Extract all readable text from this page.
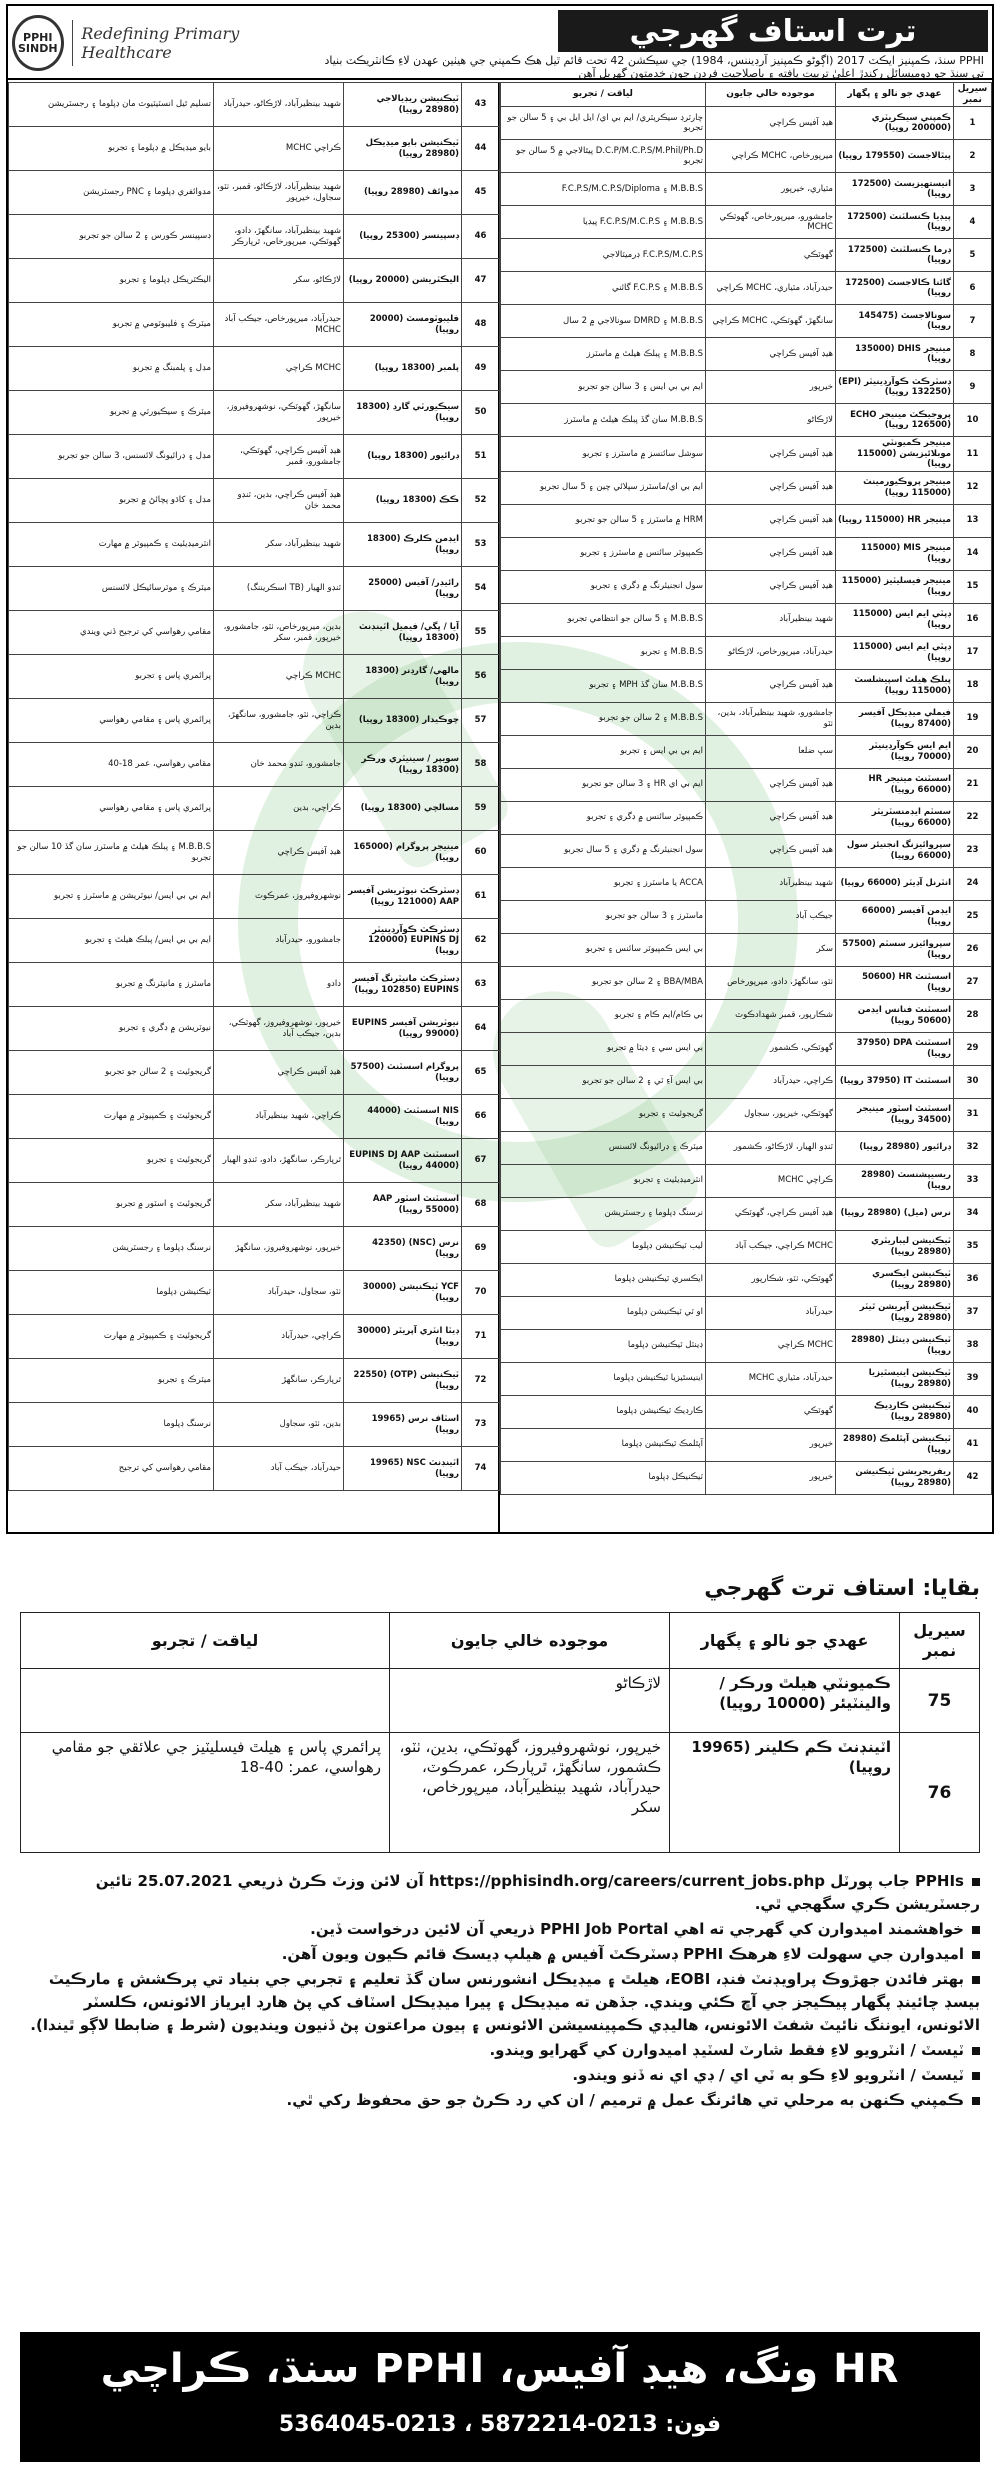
PPHI SINDH
Redefining Primary Healthcare
ترت استاف گھرجي
PPHI سنڌ، ڪمپنيز ايڪٽ 2017 (اڳوڻو ڪمپنيز آرڊيننس، 1984) جي سيڪشن 42 تحت قائم ٿيل هڪ ڪمپني جي هيٺين عهدن لاءِ ڪانٽريڪٽ بنياد تي سنڌ جو ڊوميسائل رکندڙ اعليٰ تربيت يافته ۽ باصلاحيت فردن جون خدمتون گهربل آهن
سيريل نمبر	عهدي جو نالو ۽ پگهار	موجوده خالي جايون	لياقت / تجربو
1	ڪمپني سيڪريٽري (200000 روپيا)	هيڊ آفيس ڪراچي	چارٽرڊ سيڪريٽري/ ايم بي اي/ ايل ايل بي ۽ 5 سالن جو تجربو
2	پيٿالاجسٽ (179550 روپيا)	ميرپورخاص، MCHC ڪراچي	D.C.P/M.C.P.S/M.Phil/Ph.D پيٿالاجي ۾ 5 سالن جو تجربو
3	انيستھيزيسٽ (172500 روپيا)	مٽياري، خيرپور	M.B.B.S ۽ F.C.P.S/M.C.P.S/Diploma
4	پيڊيا ڪنسلٽنٽ (172500 روپيا)	جامشورو، ميرپورخاص، گهوٽڪي MCHC	M.B.B.S ۽ F.C.P.S/M.C.P.S پيڊيا
5	ڊرما ڪنسلٽنٽ (172500 روپيا)	گهوٽڪي	F.C.P.S/M.C.P.S ڊرميٽالاجي
6	گائنا ڪالاجسٽ (172500 روپيا)	حيدرآباد، مٽياري، MCHC ڪراچي	M.B.B.S ۽ F.C.P.S گائني
7	سونالاجسٽ (145475 روپيا)	سانگهڙ، گهوٽڪي، MCHC ڪراچي	M.B.B.S ۽ DMRD سونالاجي ۾ 2 سال
8	مينيجر DHIS (135000 روپيا)	هيڊ آفيس ڪراچي	M.B.B.S ۽ پبلڪ هيلٿ ۾ ماسٽرز
9	ڊسٽرڪٽ ڪوآرڊينيٽر (EPI) (132250 روپيا)	خيرپور	ايم بي بي ايس ۽ 3 سالن جو تجربو
10	پروجيڪٽ مينيجر ECHO (126500 روپيا)	لاڙڪاڻو	M.B.B.S سان گڏ پبلڪ هيلٿ ۾ ماسٽرز
11	مينيجر ڪميونٽي موبلائيزيشن (115000 روپيا)	هيڊ آفيس ڪراچي	سوشل سائنسز ۾ ماسٽرز ۽ تجربو
12	مينيجر پروڪيورمينٽ (115000 روپيا)	هيڊ آفيس ڪراچي	ايم بي اي/ماسٽرز سپلائي چين ۽ 5 سال تجربو
13	مينيجر HR (115000 روپيا)	هيڊ آفيس ڪراچي	HRM ۾ ماسٽرز ۽ 5 سالن جو تجربو
14	مينيجر MIS (115000 روپيا)	هيڊ آفيس ڪراچي	ڪمپيوٽر سائنس ۾ ماسٽرز ۽ تجربو
15	مينيجر فيسليٽيز (115000 روپيا)	هيڊ آفيس ڪراچي	سول انجنيئرنگ ۾ ڊگري ۽ تجربو
16	ڊپٽي ايم ايس (115000 روپيا)	شهيد بينظيرآباد	M.B.B.S ۽ 5 سالن جو انتظامي تجربو
17	ڊپٽي ايم ايس (115000 روپيا)	حيدرآباد، ميرپورخاص، لاڙڪاڻو	M.B.B.S ۽ تجربو
18	پبلڪ هيلٿ اسپيشلسٽ (115000 روپيا)	هيڊ آفيس ڪراچي	M.B.B.S سان گڏ MPH ۽ تجربو
19	فيملي ميڊيڪل آفيسر (87400 روپيا)	جامشورو، شهيد بينظيرآباد، بدين، ٺٽو	M.B.B.S ۽ 2 سالن جو تجربو
20	ايم ايس ڪوآرڊينيٽر (70000 روپيا)	سڀ ضلعا	ايم بي بي ايس ۽ تجربو
21	اسسٽنٽ مينيجر HR (66000 روپيا)	هيڊ آفيس ڪراچي	ايم بي اي HR ۽ 3 سالن جو تجربو
22	سسٽم ايڊمنسٽريٽر (66000 روپيا)	هيڊ آفيس ڪراچي	ڪمپيوٽر سائنس ۾ ڊگري ۽ تجربو
23	سپروائيزنگ انجنيئر سول (66000 روپيا)	هيڊ آفيس ڪراچي	سول انجنيئرنگ ۾ ڊگري ۽ 5 سال تجربو
24	انٽرنل آڊيٽر (66000 روپيا)	شهيد بينظيرآباد	ACCA يا ماسٽرز ۽ تجربو
25	ايڊمن آفيسر (66000 روپيا)	جيڪب آباد	ماسٽرز ۽ 3 سالن جو تجربو
26	سپروائيزر سسٽم (57500 روپيا)	سکر	بي ايس ڪمپيوٽر سائنس ۽ تجربو
27	اسسٽنٽ HR (50600 روپيا)	ٺٽو، سانگهڙ، دادو، ميرپورخاص	BBA/MBA ۽ 2 سالن جو تجربو
28	اسسٽنٽ فنانس ايڊمن (50600 روپيا)	شڪارپور، قمبر شهدادڪوٽ	بي ڪام/ايم ڪام ۽ تجربو
29	اسسٽنٽ DPA (37950 روپيا)	گهوٽڪي، ڪشمور	بي ايس سي ۽ ڊيٽا ۾ تجربو
30	اسسٽنٽ IT (37950 روپيا)	ڪراچي، حيدرآباد	بي ايس آءِ ٽي ۽ 2 سالن جو تجربو
31	اسسٽنٽ اسٽور مينيجر (34500 روپيا)	گهوٽڪي، خيرپور، سجاول	گريجوئيٽ ۽ تجربو
32	ڊرائيور (28980 روپيا)	ٽنڊو الهيار، لاڙڪاڻو، ڪشمور	ميٽرڪ ۽ ڊرائيونگ لائسنس
33	ريسيپشنسٽ (28980 روپيا)	ڪراچي MCHC	انٽرميڊيئيٽ ۽ تجربو
34	نرس (ميل) (28980 روپيا)	هيڊ آفيس ڪراچي، گهوٽڪي	نرسنگ ڊپلوما ۽ رجسٽريشن
35	ٽيڪنيشن ليباريٽري (28980 روپيا)	MCHC ڪراچي، جيڪب آباد	ليب ٽيڪنيشن ڊپلوما
36	ٽيڪنيشن ايڪسري (28980 روپيا)	گهوٽڪي، ٺٽو، شڪارپور	ايڪسري ٽيڪنيشن ڊپلوما
37	ٽيڪنيشن آپريشن ٿيٽر (28980 روپيا)	حيدرآباد	او ٽي ٽيڪنيشن ڊپلوما
38	ٽيڪنيشن ڊينٽل (28980 روپيا)	MCHC ڪراچي	ڊينٽل ٽيڪنيشن ڊپلوما
39	ٽيڪنيشن اينيسٿيزيا (28980 روپيا)	حيدرآباد، مٽياري MCHC	اينيسٿيزيا ٽيڪنيشن ڊپلوما
40	ٽيڪنيشن ڪارڊيڪ (28980 روپيا)	گهوٽڪي	ڪارڊيڪ ٽيڪنيشن ڊپلوما
41	ٽيڪنيشن آپٿلمڪ (28980 روپيا)	خيرپور	آپٿلمڪ ٽيڪنيشن ڊپلوما
42	ريفريجريشن ٽيڪنيشن (28980 روپيا)	خيرپور	ٽيڪنيڪل ڊپلوما
43	ٽيڪنيشن ريڊيالاجي (28980 روپيا)	شهيد بينظيرآباد، لاڙڪاڻو، حيدرآباد	تسليم ٿيل انسٽيٽيوٽ مان ڊپلوما ۽ رجسٽريشن
44	ٽيڪنيشن بايو ميڊيڪل (28980 روپيا)	ڪراچي MCHC	بايو ميڊيڪل ۾ ڊپلوما ۽ تجربو
45	مڊوائف (28980 روپيا)	شهيد بينظيرآباد، لاڙڪاڻو، قمبر، ٺٽو، سجاول، خيرپور	مڊوائفري ڊپلوما ۽ PNC رجسٽريشن
46	ڊسپينسر (25300 روپيا)	شهيد بينظيرآباد، سانگهڙ، دادو، گهوٽڪي، ميرپورخاص، ٿرپارڪر	ڊسپينسر ڪورس ۽ 2 سالن جو تجربو
47	اليڪٽريشن (20000 روپيا)	لاڙڪاڻو، سکر	اليڪٽريڪل ڊپلوما ۽ تجربو
48	فليبوٽومسٽ (20000 روپيا)	حيدرآباد، ميرپورخاص، جيڪب آباد MCHC	ميٽرڪ ۽ فليبوٽومي ۾ تجربو
49	پلمبر (18300 روپيا)	MCHC ڪراچي	مڊل ۽ پلمبنگ ۾ تجربو
50	سيڪيورٽي گارڊ (18300 روپيا)	سانگهڙ، گهوٽڪي، نوشهروفيروز، خيرپور	ميٽرڪ ۽ سيڪيورٽي ۾ تجربو
51	ڊرائيور (18300 روپيا)	هيڊ آفيس ڪراچي، گهوٽڪي، جامشورو، قمبر	مڊل ۽ ڊرائيونگ لائسنس، 3 سالن جو تجربو
52	ڪڪ (18300 روپيا)	هيڊ آفيس ڪراچي، بدين، ٽنڊو محمد خان	مڊل ۽ کاڌو پچائڻ ۾ تجربو
53	ايڊمن ڪلرڪ (18300 روپيا)	شهيد بينظيرآباد، سکر	انٽرميڊيئيٽ ۽ ڪمپيوٽر ۾ مهارت
54	رائيڊر/ آفيس (25000 روپيا)	ٽنڊو الهيار (TB اسڪريننگ)	ميٽرڪ ۽ موٽرسائيڪل لائسنس
55	آيا / ڀگي/ فيميل اٽينڊنٽ (18300 روپيا)	بدين، ميرپورخاص، ٺٽو، جامشورو، خيرپور، قمبر، سکر	مقامي رهواسي کي ترجيح ڏني ويندي
56	مالهي/ گارڊنر (18300 روپيا)	MCHC ڪراچي	پرائمري پاس ۽ تجربو
57	چوڪيدار (18300 روپيا)	ڪراچي، ٺٽو، جامشورو، سانگهڙ، بدين	پرائمري پاس ۽ مقامي رهواسي
58	سويپر / سينيٽري ورڪر (18300 روپيا)	جامشورو، ٽنڊو محمد خان	مقامي رهواسي، عمر 18-40
59	مسالچي (18300 روپيا)	ڪراچي، بدين	پرائمري پاس ۽ مقامي رهواسي
60	مينيجر پروگرام (165000 روپيا)	هيڊ آفيس ڪراچي	M.B.B.S ۽ پبلڪ هيلٿ ۾ ماسٽرز سان گڏ 10 سالن جو تجربو
61	ڊسٽرڪٽ نيوٽريشن آفيسر AAP (121000 روپيا)	نوشهروفيروز، عمرڪوٽ	ايم بي بي ايس/ نيوٽريشن ۾ ماسٽرز ۽ تجربو
62	ڊسٽرڪٽ ڪوآرڊينيٽر EUPINS DJ (120000 روپيا)	جامشورو، حيدرآباد	ايم بي بي ايس/ پبلڪ هيلٿ ۽ تجربو
63	ڊسٽرڪٽ مانيٽرنگ آفيسر EUPINS (102850 روپيا)	دادو	ماسٽرز ۽ مانيٽرنگ ۾ تجربو
64	نيوٽريشن آفيسر EUPINS (99000 روپيا)	خيرپور، نوشهروفيروز، گهوٽڪي، بدين، جيڪب آباد	نيوٽريشن ۾ ڊگري ۽ تجربو
65	پروگرام اسسٽنٽ (57500 روپيا)	هيڊ آفيس ڪراچي	گريجوئيٽ ۽ 2 سالن جو تجربو
66	NIS اسسٽنٽ (44000 روپيا)	ڪراچي، شهيد بينظيرآباد	گريجوئيٽ ۽ ڪمپيوٽر ۾ مهارت
67	اسسٽنٽ EUPINS DJ AAP (44000 روپيا)	ٿرپارڪر، سانگهڙ، دادو، ٽنڊو الهيار	گريجوئيٽ ۽ تجربو
68	اسسٽنٽ اسٽور AAP (55000 روپيا)	شهيد بينظيرآباد، سکر	گريجوئيٽ ۽ اسٽور ۾ تجربو
69	نرس (NSC) (42350 روپيا)	خيرپور، نوشهروفيروز، سانگهڙ	نرسنگ ڊپلوما ۽ رجسٽريشن
70	YCF ٽيڪنيشن (30000 روپيا)	ٺٽو، سجاول، حيدرآباد	ٽيڪنيشن ڊپلوما
71	ڊيٽا انٽري آپريٽر (30000 روپيا)	ڪراچي، حيدرآباد	گريجوئيٽ ۽ ڪمپيوٽر ۾ مهارت
72	ٽيڪنيشن (OTP) (22550 روپيا)	ٿرپارڪر، سانگهڙ	ميٽرڪ ۽ تجربو
73	اسٽاف نرس (19965 روپيا)	بدين، ٺٽو، سجاول	نرسنگ ڊپلوما
74	اٽينڊنٽ NSC (19965 روپيا)	حيدرآباد، جيڪب آباد	مقامي رهواسي کي ترجيح
بقايا: استاف ترت گهرجي
سيريل نمبر	عهدي جو نالو ۽ پگهار	موجوده خالي جايون	لياقت / تجربو
75	ڪميونٽي هيلٿ ورڪر / والينٽيئر (10000 روپيا)	لاڙڪاڻو	
76	اٽينڊنٽ ڪم ڪلينر (19965 روپيا)	خيرپور، نوشهروفيروز، گهوٽڪي، بدين، ٺٽو، ڪشمور، سانگهڙ، ٿرپارڪر، عمرڪوٽ، حيدرآباد، شهيد بينظيرآباد، ميرپورخاص، سکر	پرائمري پاس ۽ هيلٿ فيسليٽيز جي علائقي جو مقامي رهواسي، عمر: 40-18
PPHIs جاب پورٽل https://pphisindh.org/careers/current_jobs.php آن لائن وزٽ ڪرڻ ذريعي 25.07.2021 تائين رجسٽريشن ڪري سگهجي ٿي.
خواهشمند اميدوارن کي گهرجي ته اهي PPHI Job Portal ذريعي آن لائين درخواست ڏين.
اميدوارن جي سهولت لاءِ هرهڪ PPHI ڊسٽرڪٽ آفيس ۾ هيلپ ڊيسڪ قائم ڪيون ويون آهن.
بهتر فائدن جهڙوڪ پراويڊنٽ فنڊ، EOBI، هيلٿ ۽ ميڊيڪل انشورنس سان گڏ تعليم ۽ تجربي جي بنياد تي پرڪشش ۽ مارڪيٽ بيسڊ چائينڊ پگهار پيڪيجز جي آڇ ڪئي ويندي. جڏهن ته ميڊيڪل ۽ پيرا ميڊيڪل اسٽاف کي پڻ هارڊ ايرياز الائونس، ڪلسٽر الائونس، ايوننگ نائيٽ شفٽ الائونس، هاليڊي ڪمپينسيشن الائونس ۽ ٻيون مراعتون پڻ ڏنيون وينديون (شرط ۽ ضابطا لاڳو ٿيندا).
ٽيسٽ / انٽرويو لاءِ فقط شارٽ لسٽيڊ اميدوارن کي گهرايو ويندو.
ٽيسٽ / انٽرويو لاءِ ڪو به ٽي اي / ڊي اي نه ڏنو ويندو.
ڪمپني ڪنهن به مرحلي تي هائرنگ عمل ۾ ترميم / ان کي رد ڪرڻ جو حق محفوظ رکي ٿي.
HR ونگ، هيڊ آفيس، PPHI سنڌ، ڪراچي
فون: 0213-5872214 ، 0213-5364045
